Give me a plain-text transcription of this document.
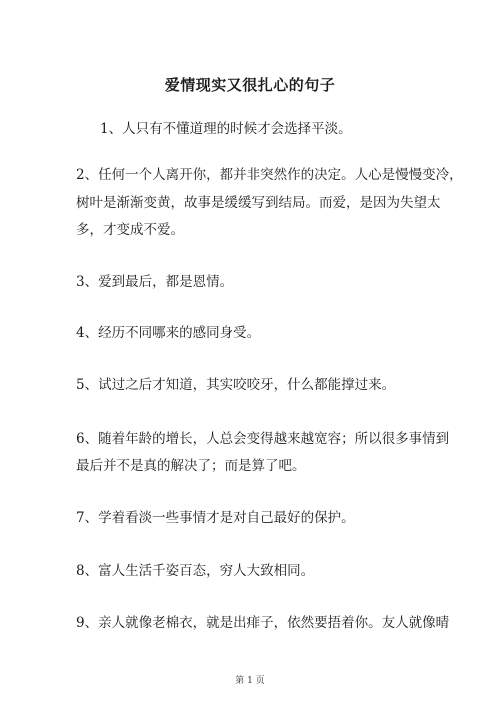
爱情现实又很扎心的句子
1、人只有不懂道理的时候才会选择平淡。
2、任何一个人离开你，都并非突然作的决定。人心是慢慢变冷，
树叶是渐渐变黄，故事是缓缓写到结局。而爱，是因为失望太
多，才变成不爱。
3、爱到最后，都是恩情。
4、经历不同哪来的感同身受。
5、试过之后才知道，其实咬咬牙，什么都能撑过来。
6、随着年龄的增长，人总会变得越来越宽容；所以很多事情到
最后并不是真的解决了；而是算了吧。
7、学着看淡一些事情才是对自己最好的保护。
8、富人生活千姿百态，穷人大致相同。
9、亲人就像老棉衣，就是出痱子，依然要捂着你。友人就像晴
第 1 页
